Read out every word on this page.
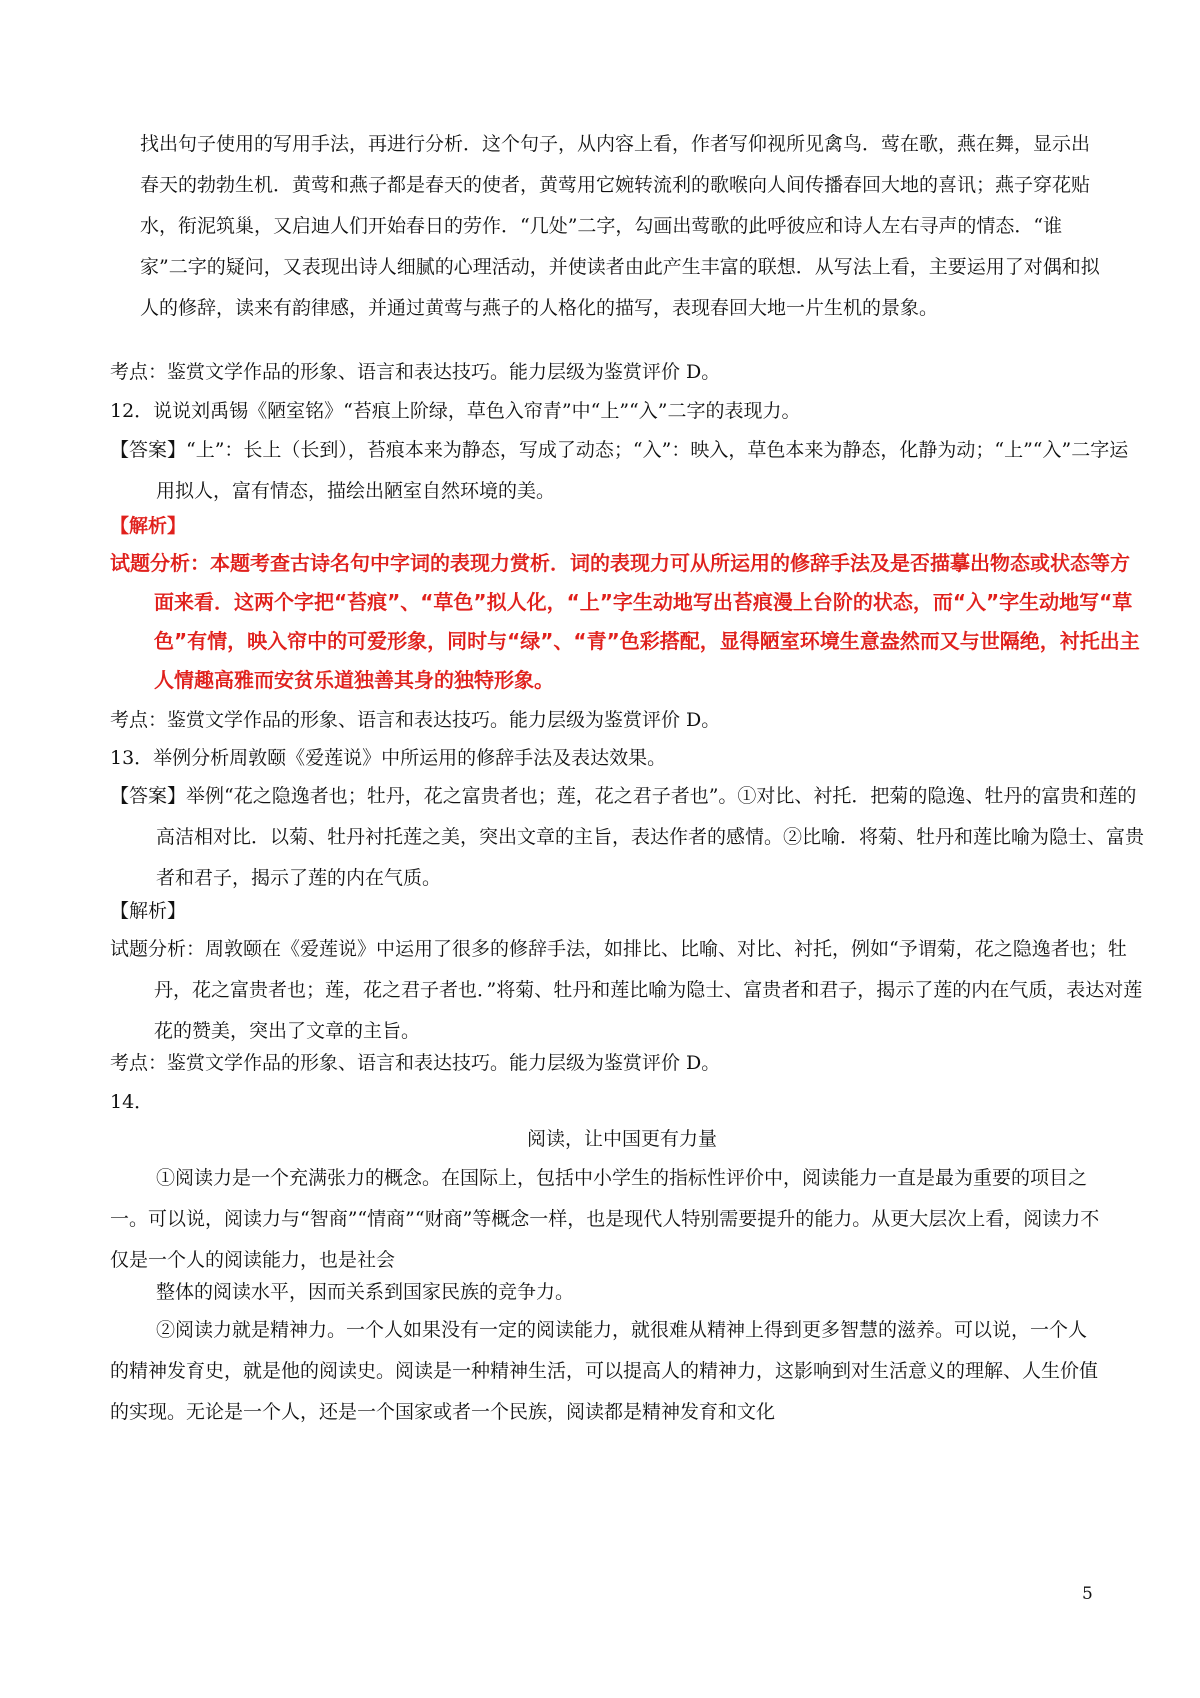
找出句子使用的写用手法，再进行分析．这个句子，从内容上看，作者写仰视所见禽鸟．莺在歌，燕在舞，显示出春天的勃勃生机．黄莺和燕子都是春天的使者，黄莺用它婉转流利的歌喉向人间传播春回大地的喜讯；燕子穿花贴水，衔泥筑巢，又启迪人们开始春日的劳作．“几处”二字，勾画出莺歌的此呼彼应和诗人左右寻声的情态．“谁家”二字的疑问，又表现出诗人细腻的心理活动，并使读者由此产生丰富的联想．从写法上看，主要运用了对偶和拟人的修辞，读来有韵律感，并通过黄莺与燕子的人格化的描写，表现春回大地一片生机的景象。

考点：鉴赏文学作品的形象、语言和表达技巧。能力层级为鉴赏评价 D。

12．说说刘禹锡《陋室铭》“苔痕上阶绿，草色入帘青”中“上”“入”二字的表现力。

【答案】“上”：长上（长到），苔痕本来为静态，写成了动态；“入”：映入，草色本来为静态，化静为动；“上”“入”二字运用拟人，富有情态，描绘出陋室自然环境的美。

【解析】

试题分析：本题考查古诗名句中字词的表现力赏析．词的表现力可从所运用的修辞手法及是否描摹出物态或状态等方面来看．这两个字把“苔痕”、“草色”拟人化，“上”字生动地写出苔痕漫上台阶的状态，而“入”字生动地写“草色”有情，映入帘中的可爱形象，同时与“绿”、“青”色彩搭配，显得陋室环境生意盎然而又与世隔绝，衬托出主人情趣高雅而安贫乐道独善其身的独特形象。

考点：鉴赏文学作品的形象、语言和表达技巧。能力层级为鉴赏评价 D。

13．举例分析周敦颐《爱莲说》中所运用的修辞手法及表达效果。

【答案】举例“花之隐逸者也；牡丹，花之富贵者也；莲，花之君子者也”。①对比、衬托．把菊的隐逸、牡丹的富贵和莲的高洁相对比．以菊、牡丹衬托莲之美，突出文章的主旨，表达作者的感情。②比喻．将菊、牡丹和莲比喻为隐士、富贵者和君子，揭示了莲的内在气质。

【解析】

试题分析：周敦颐在《爱莲说》中运用了很多的修辞手法，如排比、比喻、对比、衬托，例如“予谓菊，花之隐逸者也；牡丹，花之富贵者也；莲，花之君子者也．”将菊、牡丹和莲比喻为隐士、富贵者和君子，揭示了莲的内在气质，表达对莲花的赞美，突出了文章的主旨。

考点：鉴赏文学作品的形象、语言和表达技巧。能力层级为鉴赏评价 D。

14．

阅读，让中国更有力量

①阅读力是一个充满张力的概念。在国际上，包括中小学生的指标性评价中，阅读能力一直是最为重要的项目之一。可以说，阅读力与“智商”“情商”“财商”等概念一样，也是现代人特别需要提升的能力。从更大层次上看，阅读力不仅是一个人的阅读能力，也是社会

整体的阅读水平，因而关系到国家民族的竞争力。

②阅读力就是精神力。一个人如果没有一定的阅读能力，就很难从精神上得到更多智慧的滋养。可以说，一个人的精神发育史，就是他的阅读史。阅读是一种精神生活，可以提高人的精神力，这影响到对生活意义的理解、人生价值的实现。无论是一个人，还是一个国家或者一个民族，阅读都是精神发育和文化

5
